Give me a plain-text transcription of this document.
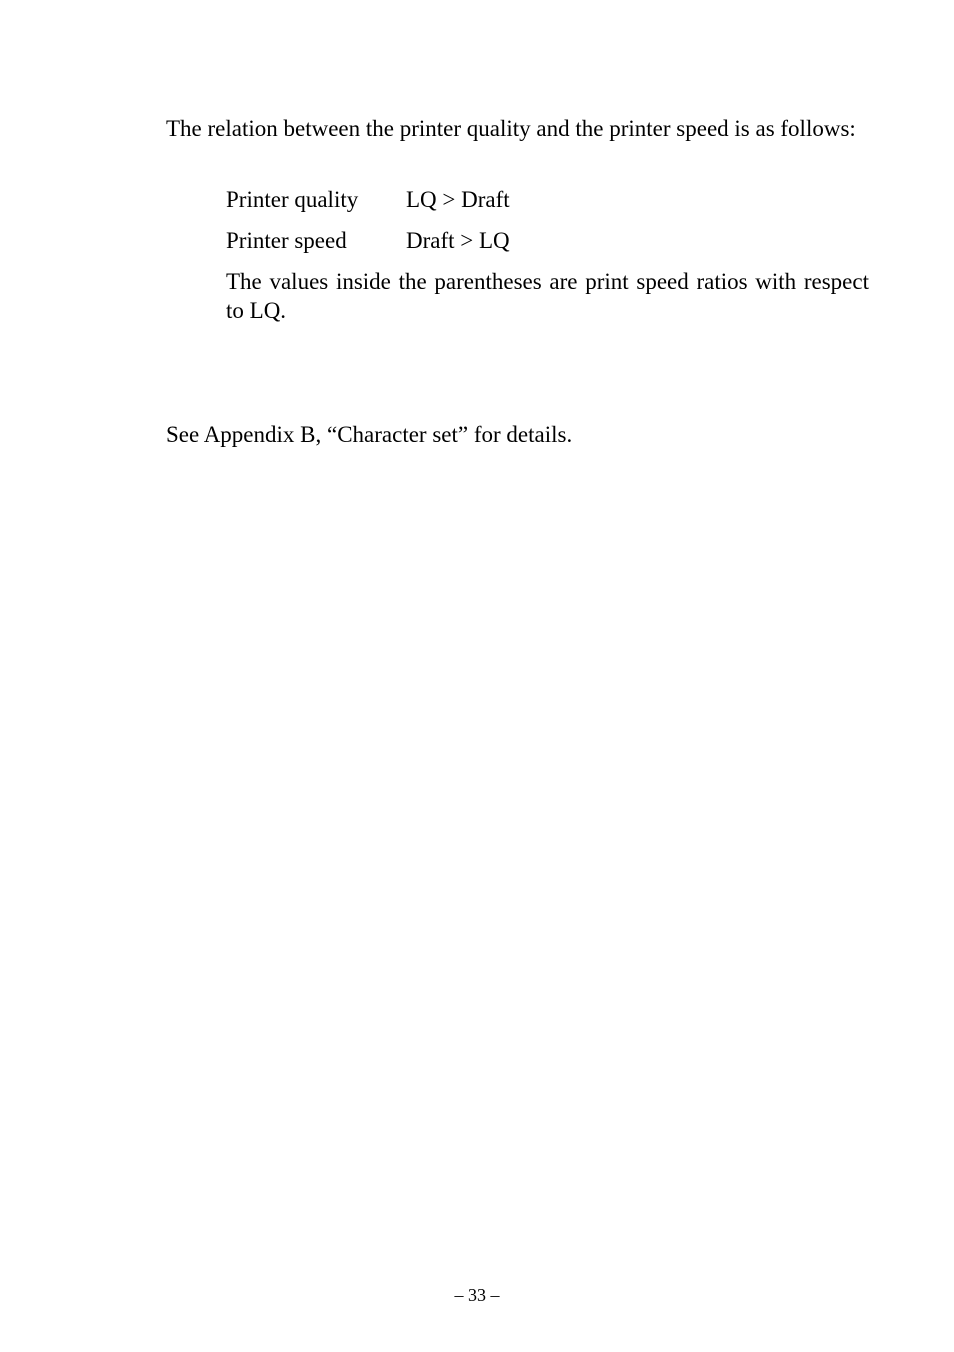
The relation between the printer quality and the printer speed is as follows:

Printer quality LQ > Draft
Printer speed	Draft > LQ

The values inside the parentheses are print speed ratios with respect to LQ.

See Appendix B, “Character set” for details.

– 33 –
